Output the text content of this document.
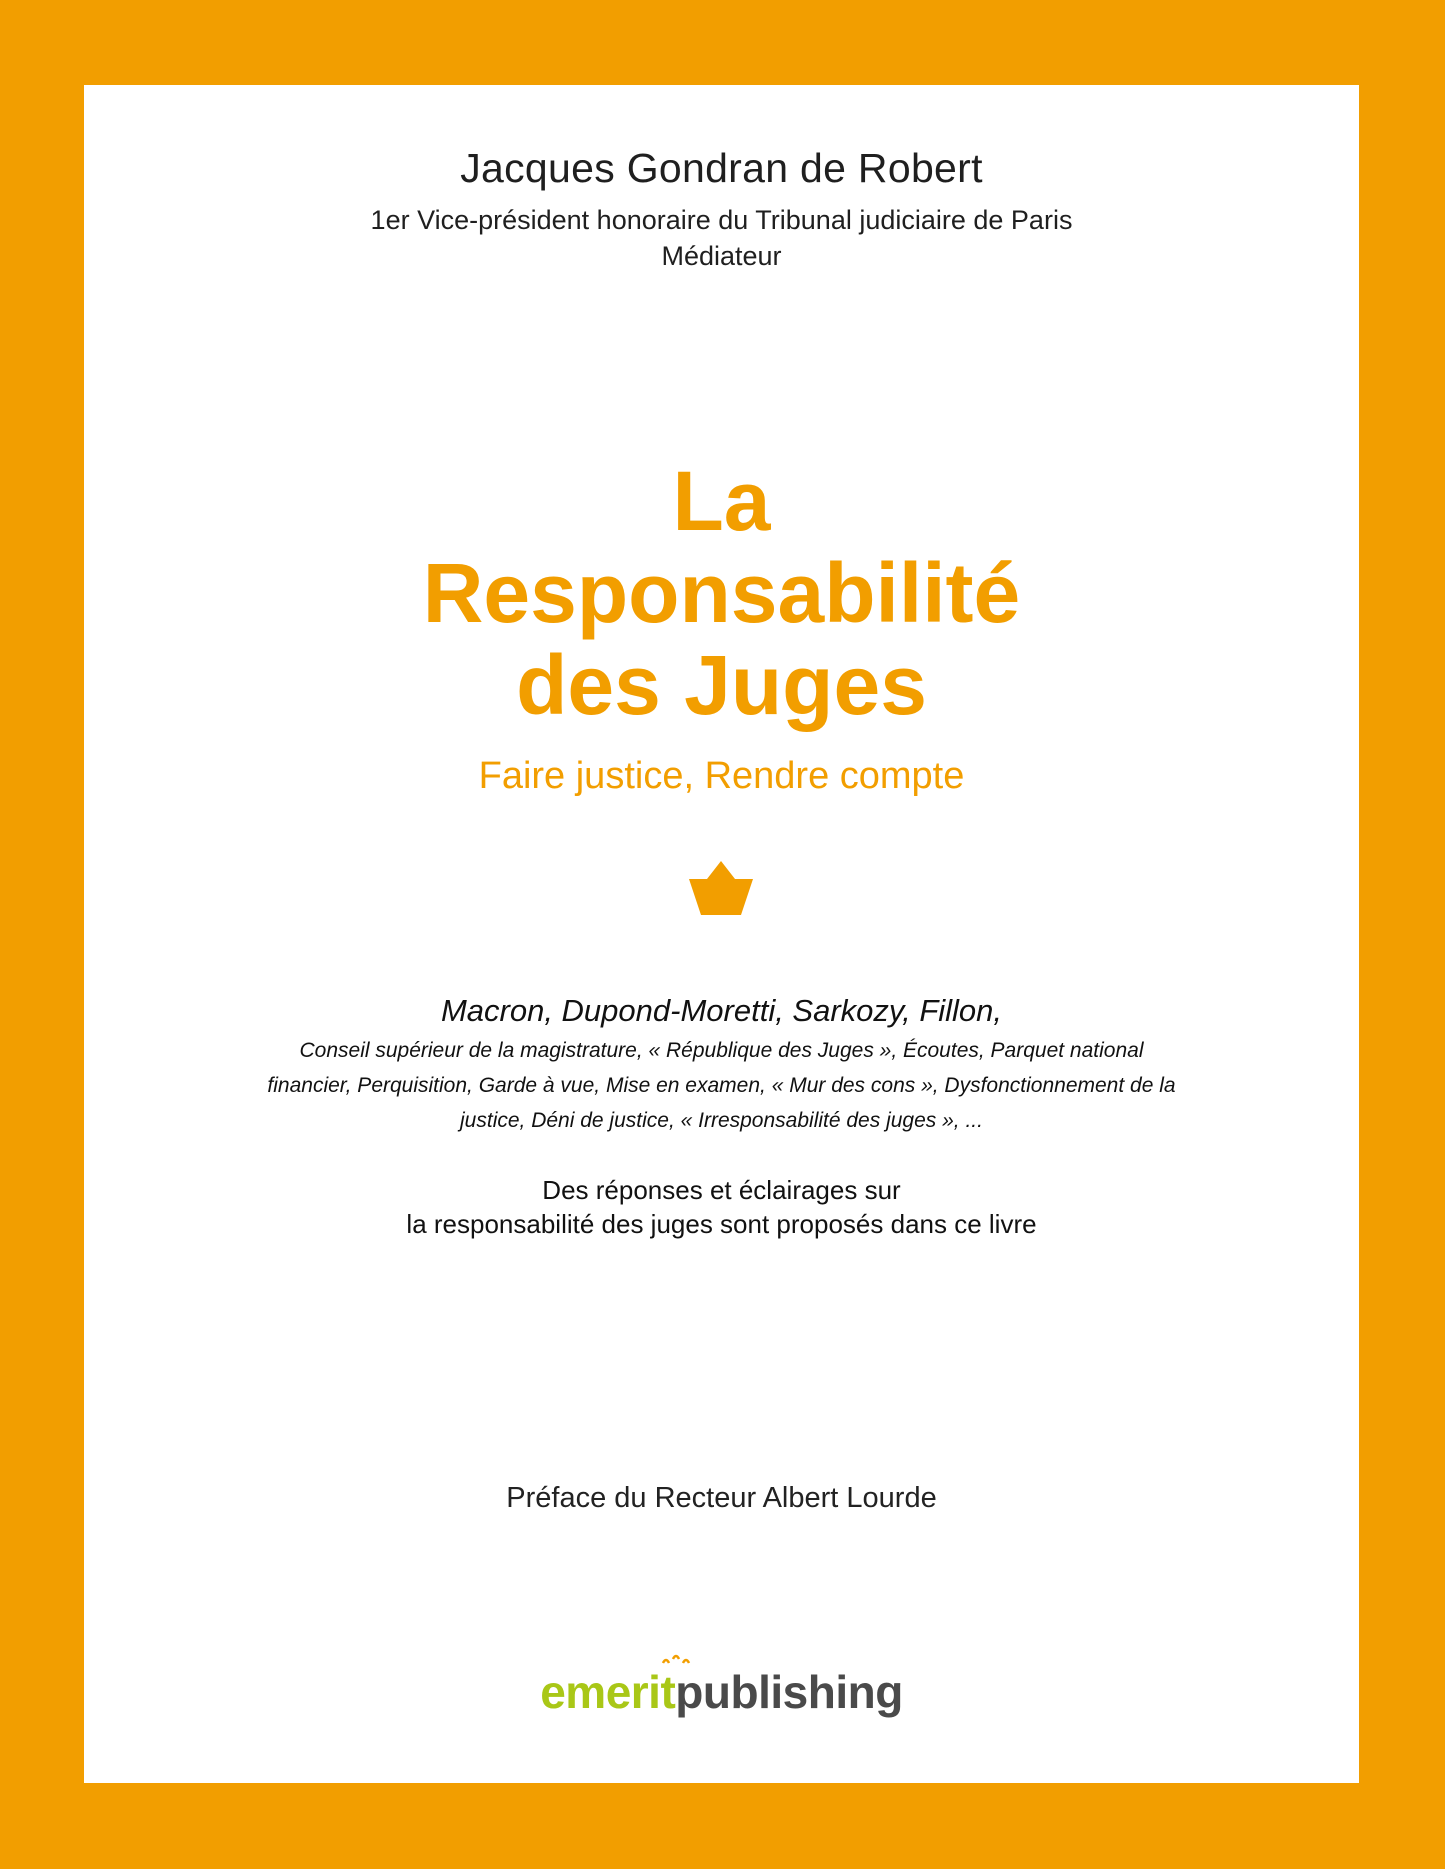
Jacques Gondran de Robert
1er Vice-président honoraire du Tribunal judiciaire de Paris
Médiateur
La
Responsabilité
des Juges
Faire justice, Rendre compte
Macron, Dupond-Moretti, Sarkozy, Fillon,
Conseil supérieur de la magistrature, « République des Juges », Écoutes, Parquet national
financier, Perquisition, Garde à vue, Mise en examen, « Mur des cons », Dysfonctionnement de la
justice, Déni de justice, « Irresponsabilité des juges », ...
Des réponses et éclairages sur
la responsabilité des juges sont proposés dans ce livre
Préface du Recteur Albert Lourde
emeritpublishing
